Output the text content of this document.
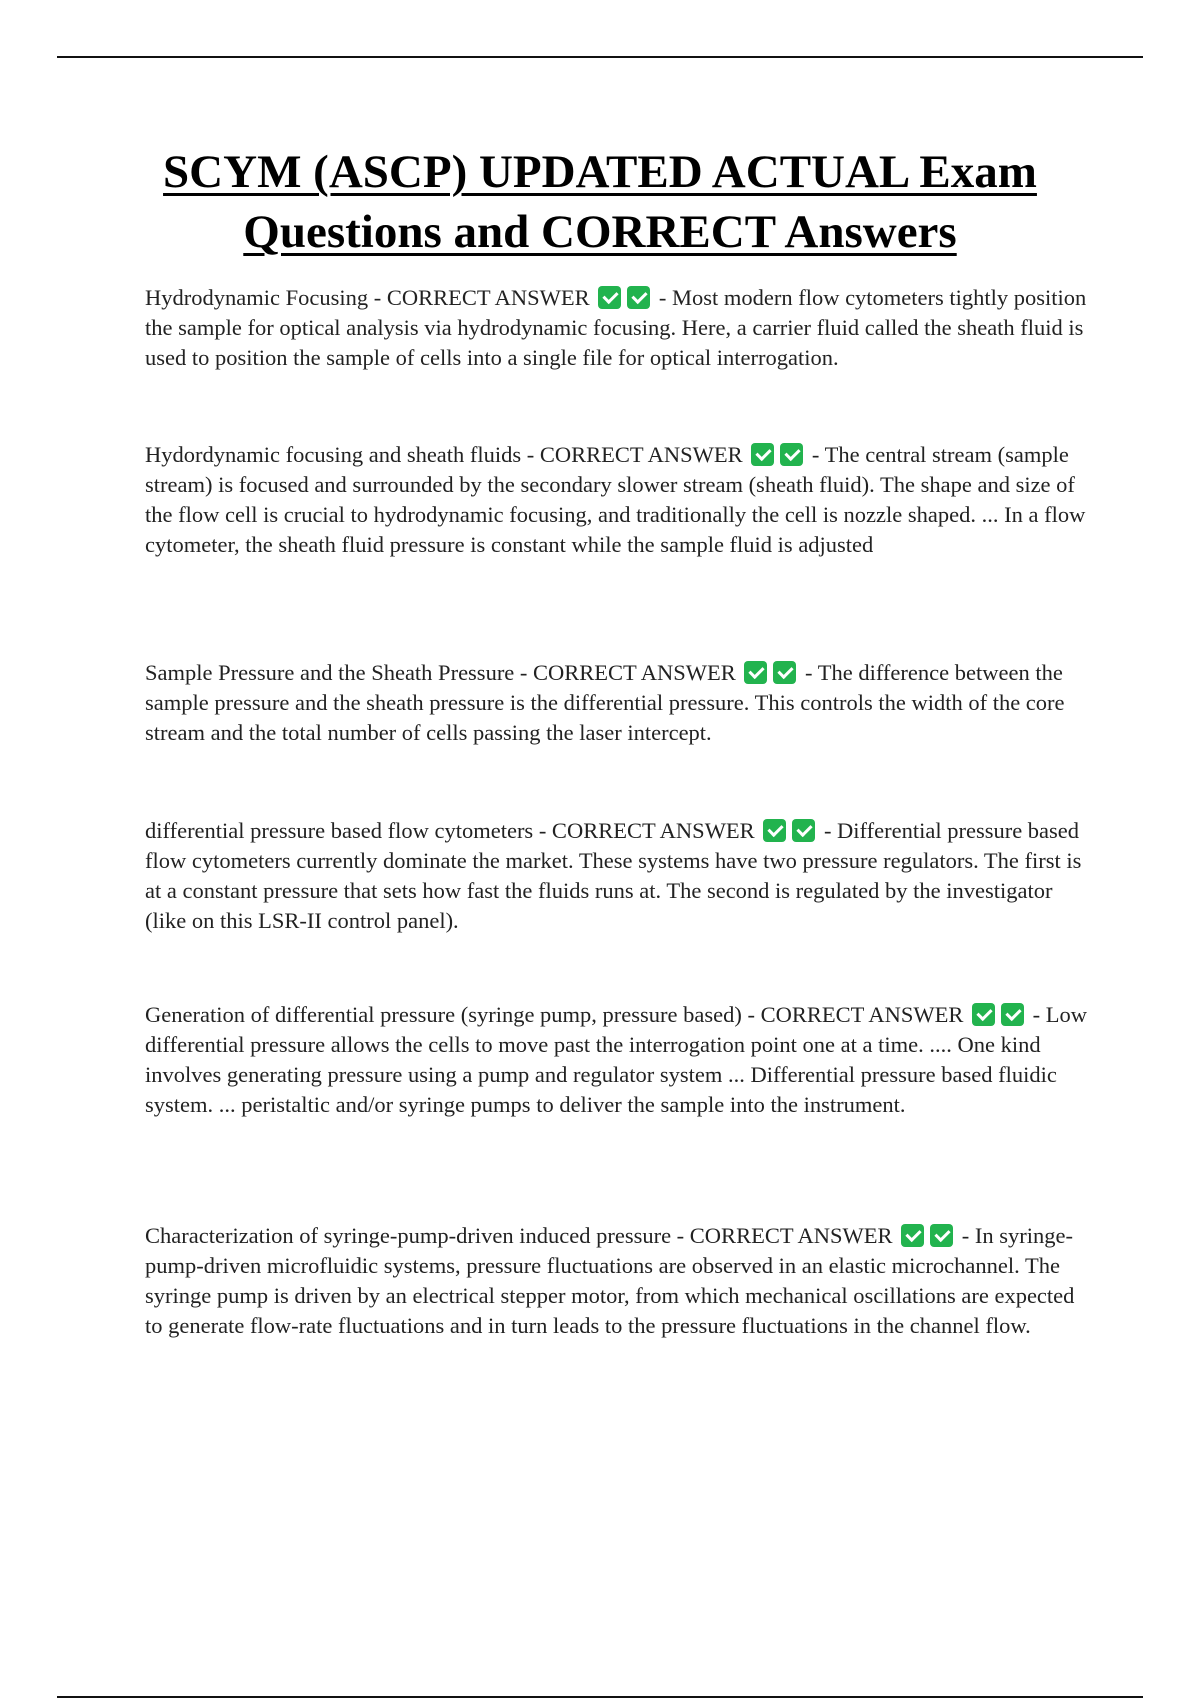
SCYM (ASCP) UPDATED ACTUAL Exam Questions and CORRECT Answers

Hydrodynamic Focusing - CORRECT ANSWER	- Most modern flow cytometers tightly position the sample for optical analysis via hydrodynamic focusing. Here, a carrier fluid called the sheath fluid is used to position the sample of cells into a single file for optical interrogation.

Hydordynamic focusing and sheath fluids - CORRECT ANSWER	- The central stream (sample stream) is focused and surrounded by the secondary slower stream (sheath fluid). The shape and size of the flow cell is crucial to hydrodynamic focusing, and traditionally the cell is nozzle shaped. ... In a flow cytometer, the sheath fluid pressure is constant while the sample fluid is adjusted

Sample Pressure and the Sheath Pressure - CORRECT ANSWER	- The difference between the sample pressure and the sheath pressure is the differential pressure. This controls the width of the core stream and the total number of cells passing the laser intercept.

differential pressure based flow cytometers - CORRECT ANSWER	- Differential pressure based flow cytometers currently dominate the market. These systems have two pressure regulators. The first is at a constant pressure that sets how fast the fluids runs at. The second is regulated by the investigator (like on this LSR-II control panel).

Generation of differential pressure (syringe pump, pressure based) - CORRECT ANSWER	- Low differential pressure allows the cells to move past the interrogation point one at a time. .... One kind involves generating pressure using a pump and regulator system ... Differential pressure based fluidic system. ... peristaltic and/or syringe pumps to deliver the sample into the instrument.

Characterization of syringe-pump-driven induced pressure - CORRECT ANSWER	- In syringe-pump-driven microfluidic systems, pressure fluctuations are observed in an elastic microchannel. The syringe pump is driven by an electrical stepper motor, from which mechanical oscillations are expected to generate flow-rate fluctuations and in turn leads to the pressure fluctuations in the channel flow.
